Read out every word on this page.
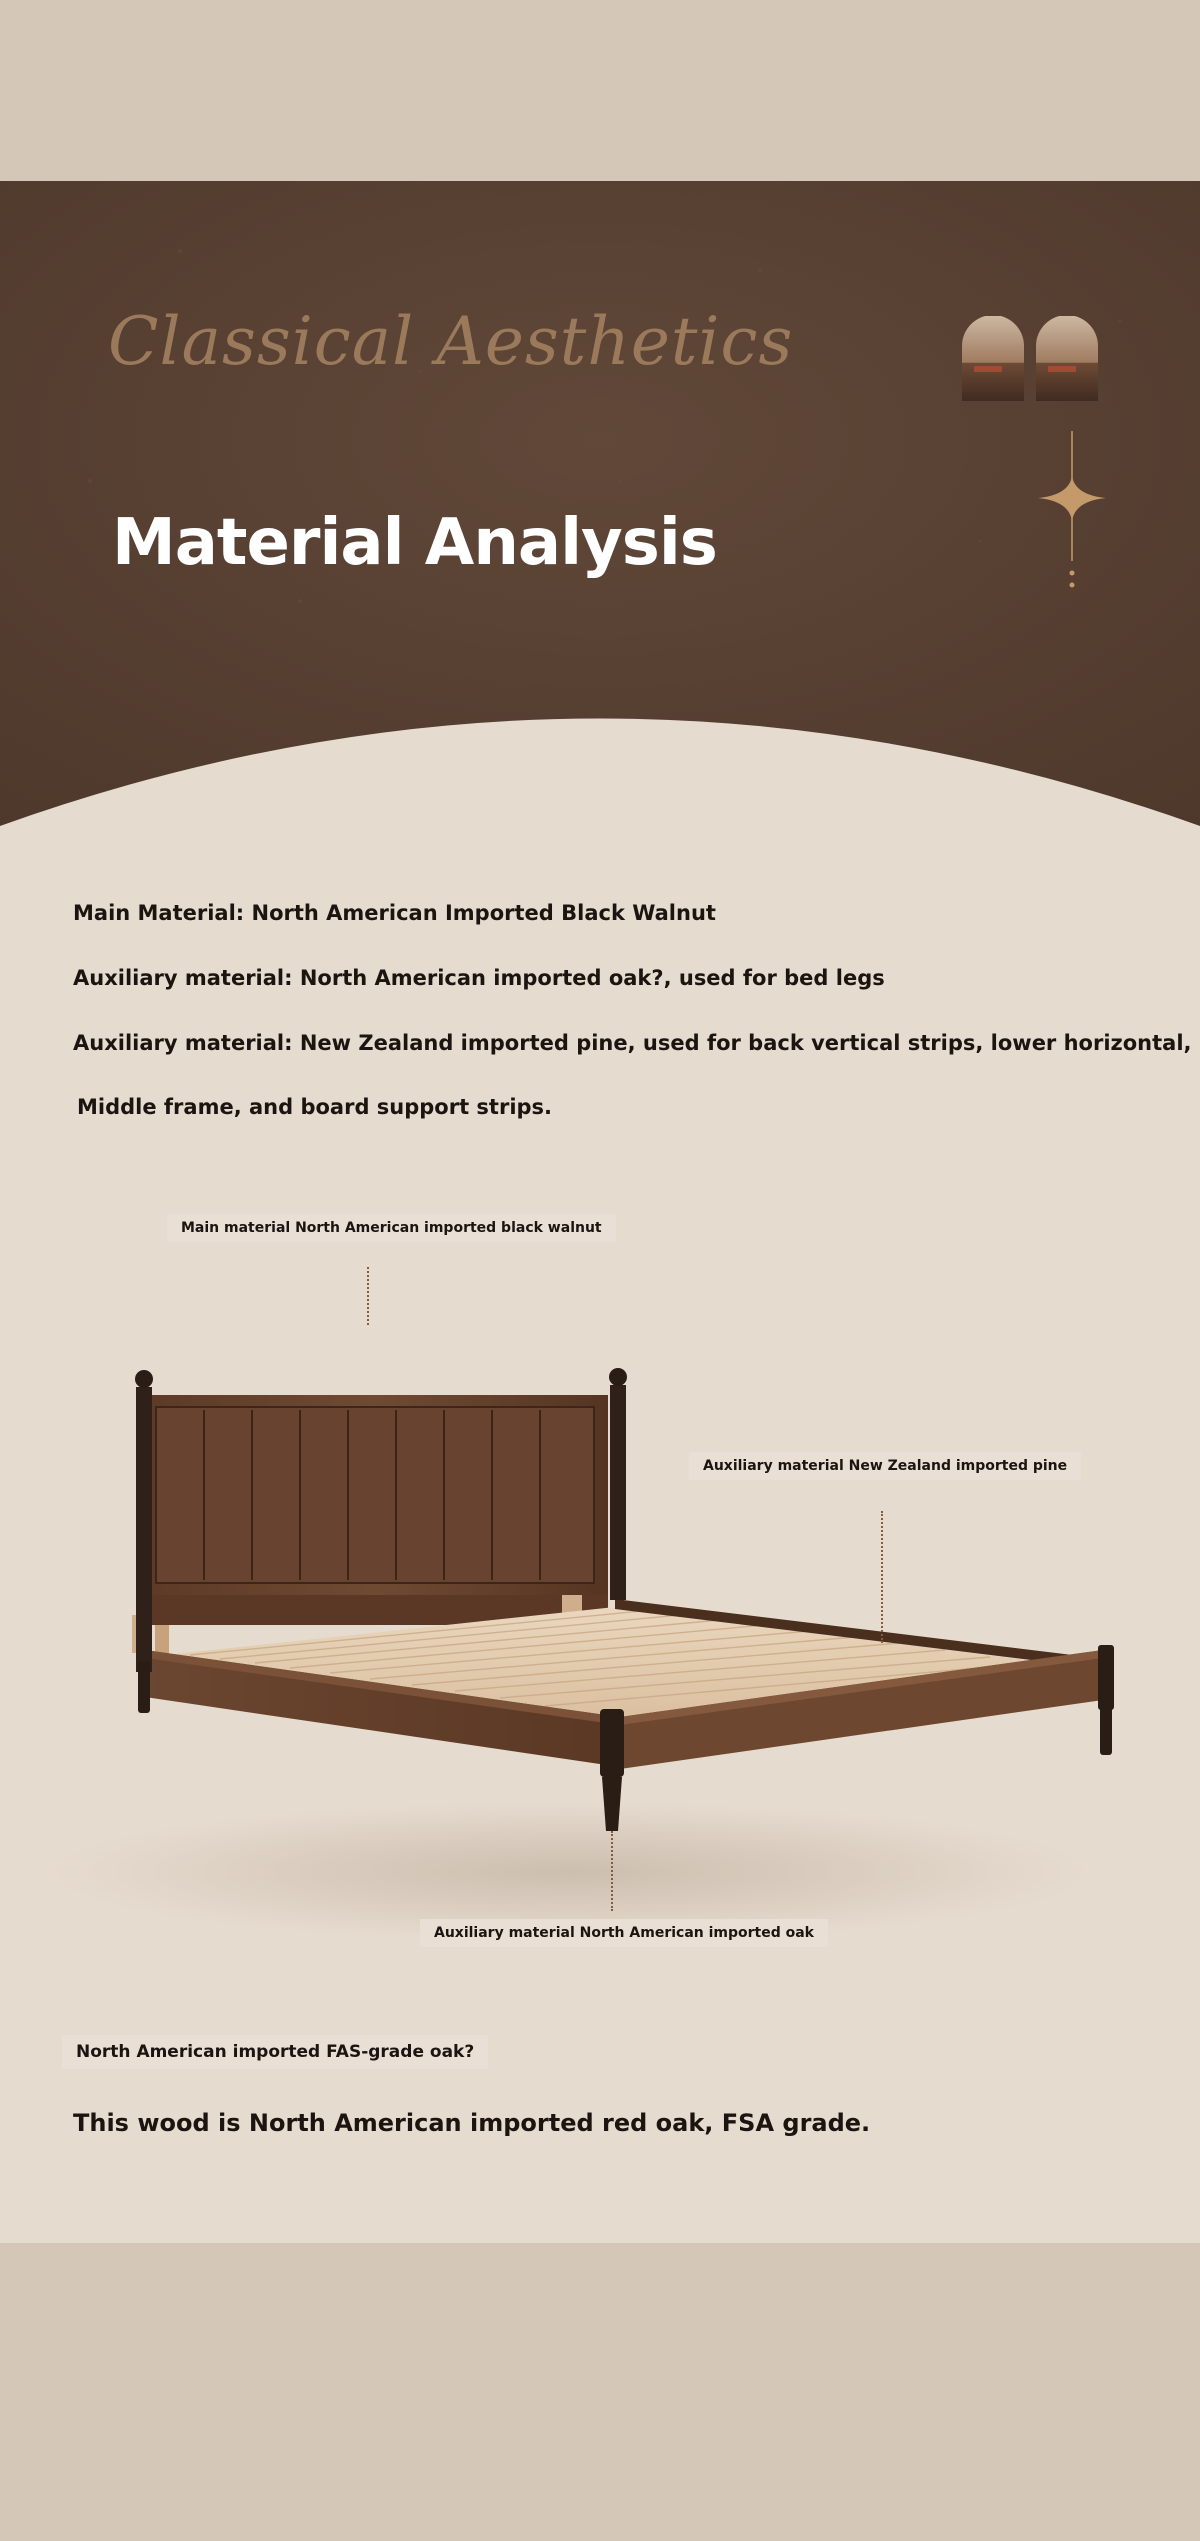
Classical Aesthetics
Material Analysis
Main Material: North American Imported Black Walnut
Auxiliary material: North American imported oak?, used for bed legs
Auxiliary material: New Zealand imported pine, used for back vertical strips, lower horizontal,
Middle frame, and board support strips.
Main material North American imported black walnut
Auxiliary material New Zealand imported pine
Auxiliary material North American imported oak
North American imported FAS-grade oak?
This wood is North American imported red oak, FSA grade.
